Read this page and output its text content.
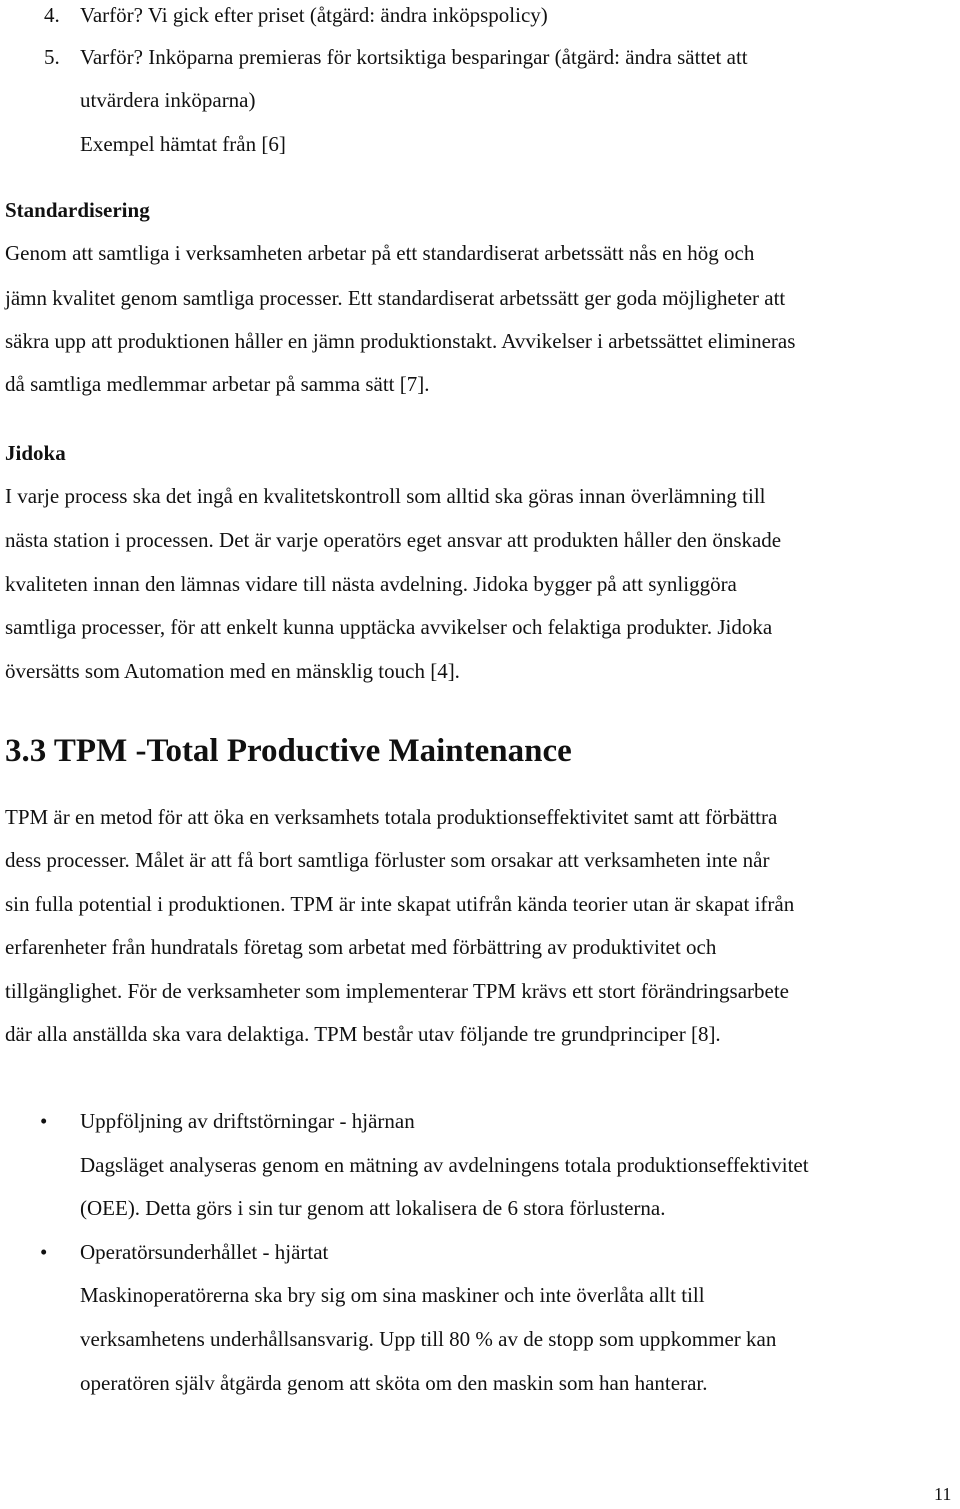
4. Varför? Vi gick efter priset (åtgärd: ändra inköpspolicy)
5. Varför? Inköparna premieras för kortsiktiga besparingar (åtgärd: ändra sättet att
utvärdera inköparna)
Exempel hämtat från [6]
Standardisering
Genom att samtliga i verksamheten arbetar på ett standardiserat arbetssätt nås en hög och
jämn kvalitet genom samtliga processer. Ett standardiserat arbetssätt ger goda möjligheter att
säkra upp att produktionen håller en jämn produktionstakt. Avvikelser i arbetssättet elimineras
då samtliga medlemmar arbetar på samma sätt [7].
Jidoka
I varje process ska det ingå en kvalitetskontroll som alltid ska göras innan överlämning till
nästa station i processen. Det är varje operatörs eget ansvar att produkten håller den önskade
kvaliteten innan den lämnas vidare till nästa avdelning. Jidoka bygger på att synliggöra
samtliga processer, för att enkelt kunna upptäcka avvikelser och felaktiga produkter. Jidoka
översätts som Automation med en mänsklig touch [4].
3.3 TPM -Total Productive Maintenance
TPM är en metod för att öka en verksamhets totala produktionseffektivitet samt att förbättra
dess processer. Målet är att få bort samtliga förluster som orsakar att verksamheten inte når
sin fulla potential i produktionen. TPM är inte skapat utifrån kända teorier utan är skapat ifrån
erfarenheter från hundratals företag som arbetat med förbättring av produktivitet och
tillgänglighet. För de verksamheter som implementerar TPM krävs ett stort förändringsarbete
där alla anställda ska vara delaktiga. TPM består utav följande tre grundprinciper [8].
• Uppföljning av driftstörningar - hjärnan
Dagsläget analyseras genom en mätning av avdelningens totala produktionseffektivitet
(OEE). Detta görs i sin tur genom att lokalisera de 6 stora förlusterna.
• Operatörsunderhållet - hjärtat
Maskinoperatörerna ska bry sig om sina maskiner och inte överlåta allt till
verksamhetens underhållsansvarig. Upp till 80 % av de stopp som uppkommer kan
operatören själv åtgärda genom att sköta om den maskin som han hanterar.
11
